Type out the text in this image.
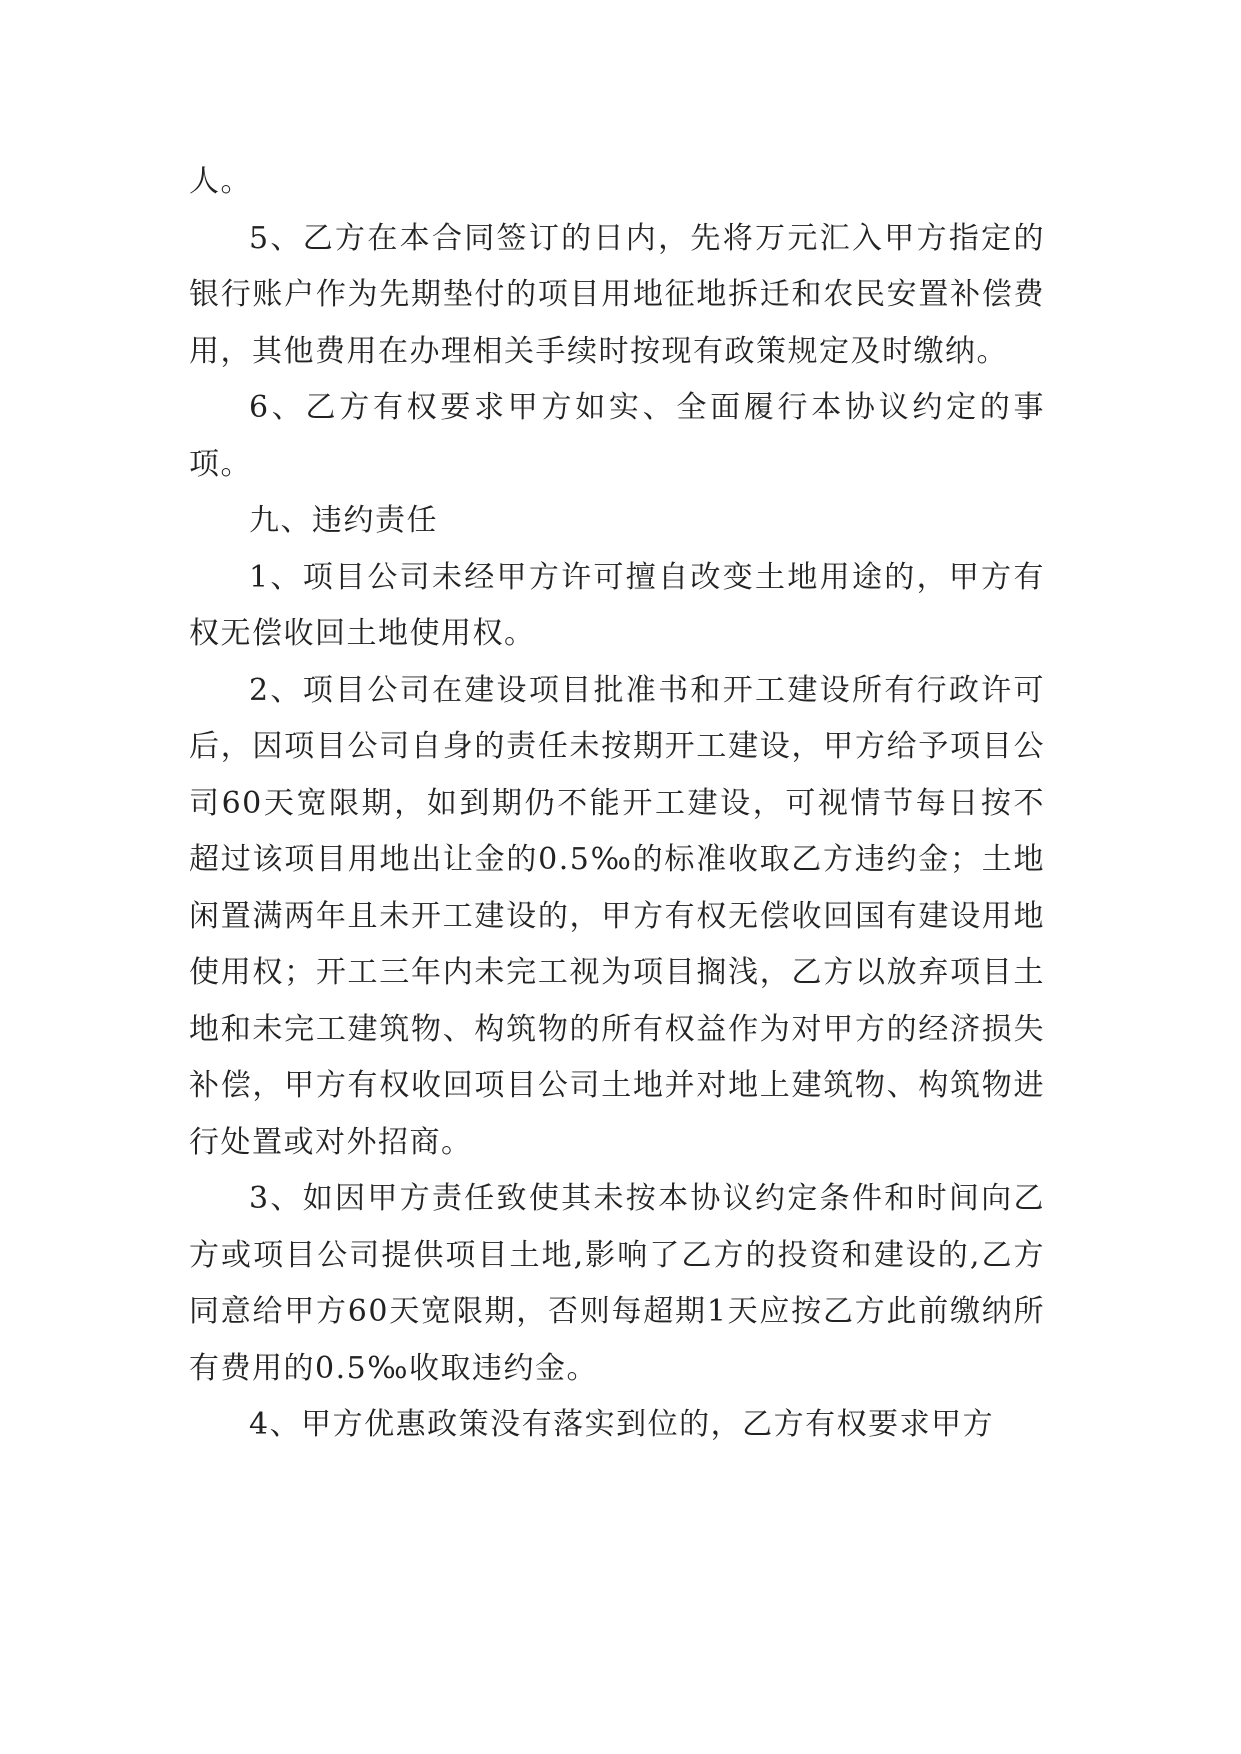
人。

5、乙方在本合同签订的日内，先将万元汇入甲方指定的银行账户作为先期垫付的项目用地征地拆迁和农民安置补偿费用，其他费用在办理相关手续时按现有政策规定及时缴纳。

6、乙方有权要求甲方如实、全面履行本协议约定的事项。

九、违约责任

1、项目公司未经甲方许可擅自改变土地用途的，甲方有权无偿收回土地使用权。

2、项目公司在建设项目批准书和开工建设所有行政许可后，因项目公司自身的责任未按期开工建设，甲方给予项目公司60天宽限期，如到期仍不能开工建设，可视情节每日按不超过该项目用地出让金的0.5‰的标准收取乙方违约金；土地闲置满两年且未开工建设的，甲方有权无偿收回国有建设用地使用权；开工三年内未完工视为项目搁浅，乙方以放弃项目土地和未完工建筑物、构筑物的所有权益作为对甲方的经济损失补偿，甲方有权收回项目公司土地并对地上建筑物、构筑物进行处置或对外招商。

3、如因甲方责任致使其未按本协议约定条件和时间向乙方或项目公司提供项目土地,影响了乙方的投资和建设的,乙方同意给甲方60天宽限期，否则每超期1天应按乙方此前缴纳所有费用的0.5‰收取违约金。

4、甲方优惠政策没有落实到位的，乙方有权要求甲方
